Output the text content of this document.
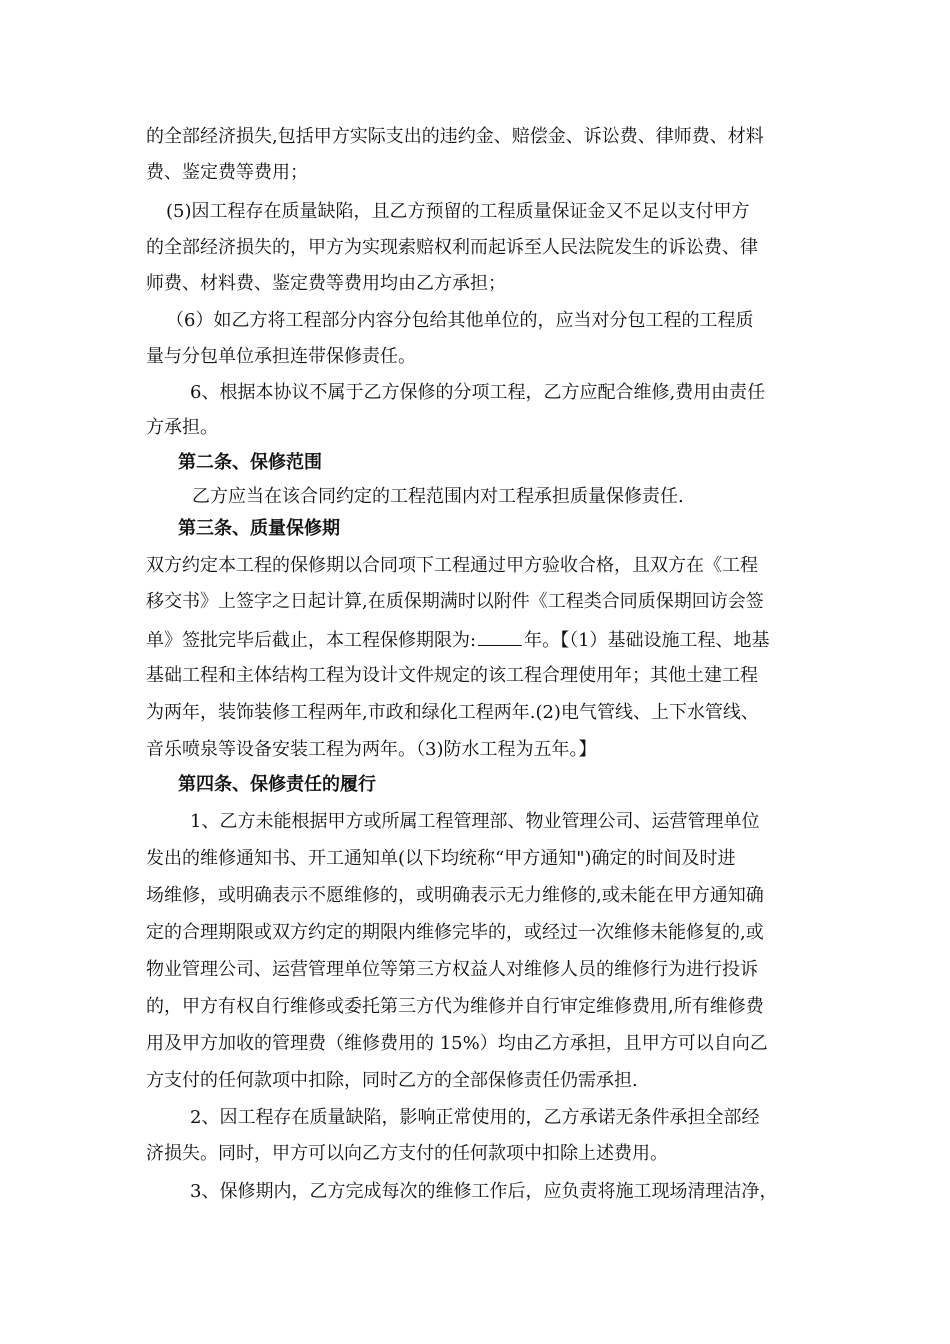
的全部经济损失,包括甲方实际支出的违约金、赔偿金、诉讼费、律师费、材料
费、鉴定费等费用；
(5)因工程存在质量缺陷，且乙方预留的工程质量保证金又不足以支付甲方
的全部经济损失的，甲方为实现索赔权利而起诉至人民法院发生的诉讼费、律
师费、材料费、鉴定费等费用均由乙方承担；
（6）如乙方将工程部分内容分包给其他单位的，应当对分包工程的工程质
量与分包单位承担连带保修责任。
6、根据本协议不属于乙方保修的分项工程，乙方应配合维修,费用由责任
方承担。
第二条、保修范围
乙方应当在该合同约定的工程范围内对工程承担质量保修责任.
第三条、质量保修期
双方约定本工程的保修期以合同项下工程通过甲方验收合格，且双方在《工程
移交书》上签字之日起计算,在质保期满时以附件《工程类合同质保期回访会签
单》签批完毕后截止，本工程保修期限为:	年。【（1）基础设施工程、地基
基础工程和主体结构工程为设计文件规定的该工程合理使用年；其他土建工程
为两年，装饰装修工程两年,市政和绿化工程两年.(2)电气管线、上下水管线、
音乐喷泉等设备安装工程为两年。（3)防水工程为五年。】
第四条、保修责任的履行
1、乙方未能根据甲方或所属工程管理部、物业管理公司、运营管理单位
发出的维修通知书、开工通知单(以下均统称“甲方通知")确定的时间及时进
场维修，或明确表示不愿维修的，或明确表示无力维修的,或未能在甲方通知确
定的合理期限或双方约定的期限内维修完毕的，或经过一次维修未能修复的,或
物业管理公司、运营管理单位等第三方权益人对维修人员的维修行为进行投诉
的，甲方有权自行维修或委托第三方代为维修并自行审定维修费用,所有维修费
用及甲方加收的管理费（维修费用的 15%）均由乙方承担，且甲方可以自向乙
方支付的任何款项中扣除，同时乙方的全部保修责任仍需承担.
2、因工程存在质量缺陷，影响正常使用的，乙方承诺无条件承担全部经
济损失。同时，甲方可以向乙方支付的任何款项中扣除上述费用。
3、保修期内，乙方完成每次的维修工作后，应负责将施工现场清理洁净，
